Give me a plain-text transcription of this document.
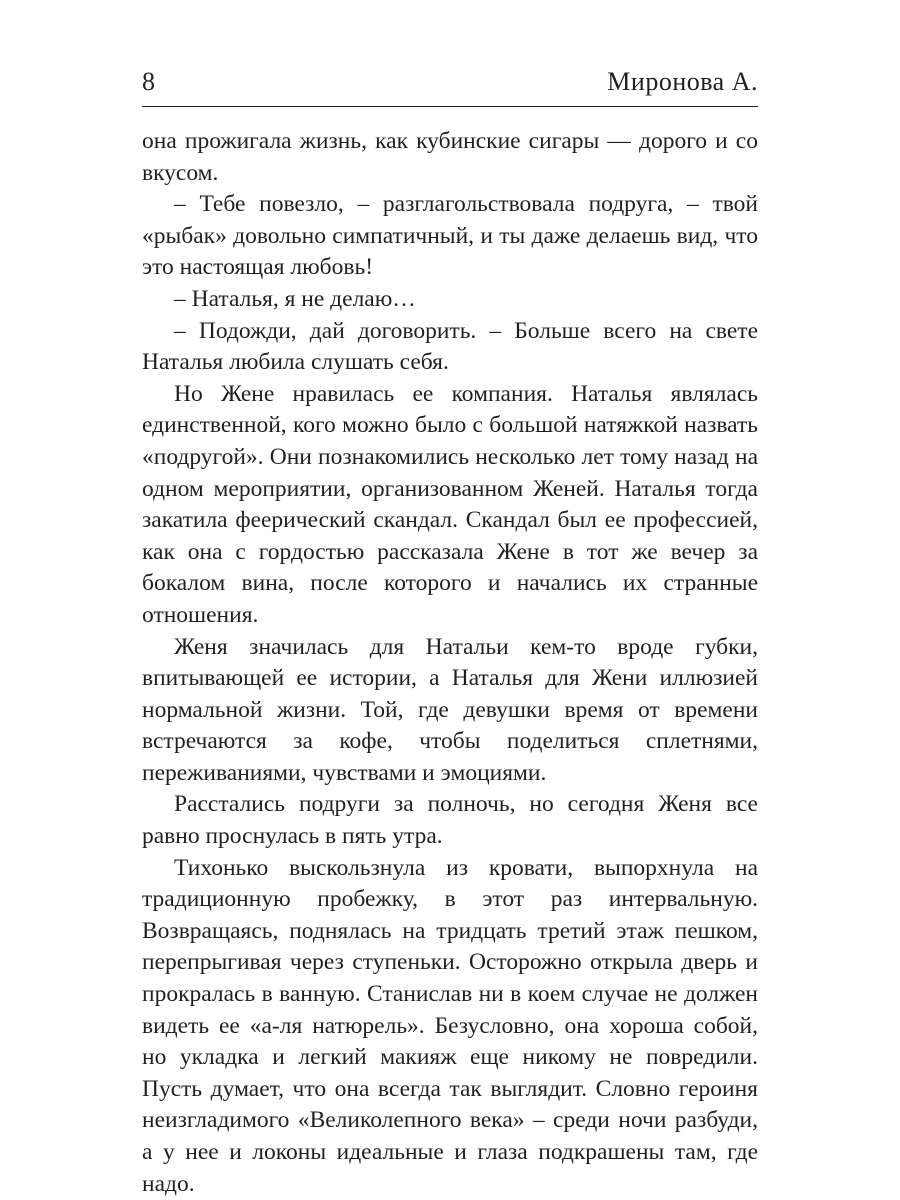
8	Миронова А.

она прожигала жизнь, как кубинские сигары — дорого и со вкусом.

– Тебе повезло, – разглагольствовала подруга, – твой «рыбак» довольно симпатичный, и ты даже делаешь вид, что это настоящая любовь!

– Наталья, я не делаю…

– Подожди, дай договорить. – Больше всего на свете Наталья любила слушать себя.

Но Жене нравилась ее компания. Наталья являлась единственной, кого можно было с большой натяжкой назвать «подругой». Они познакомились несколько лет тому назад на одном мероприятии, организованном Женей. Наталья тогда закатила феерический скандал. Скандал был ее профессией, как она с гордостью рассказала Жене в тот же вечер за бокалом вина, после которого и начались их странные отношения.

Женя значилась для Натальи кем-то вроде губки, впитывающей ее истории, а Наталья для Жени иллюзией нормальной жизни. Той, где девушки время от времени встречаются за кофе, чтобы поделиться сплетнями, переживаниями, чувствами и эмоциями.

Расстались подруги за полночь, но сегодня Женя все равно проснулась в пять утра.

Тихонько выскользнула из кровати, выпорхнула на традиционную пробежку, в этот раз интервальную. Возвращаясь, поднялась на тридцать третий этаж пешком, перепрыгивая через ступеньки. Осторожно открыла дверь и прокралась в ванную. Станислав ни в коем случае не должен видеть ее «а-ля натюрель». Безусловно, она хороша собой, но укладка и легкий макияж еще никому не повредили. Пусть думает, что она всегда так выглядит. Словно героиня неизгладимого «Великолепного века» – среди ночи разбуди, а у нее и локоны идеальные и глаза подкрашены там, где надо.
